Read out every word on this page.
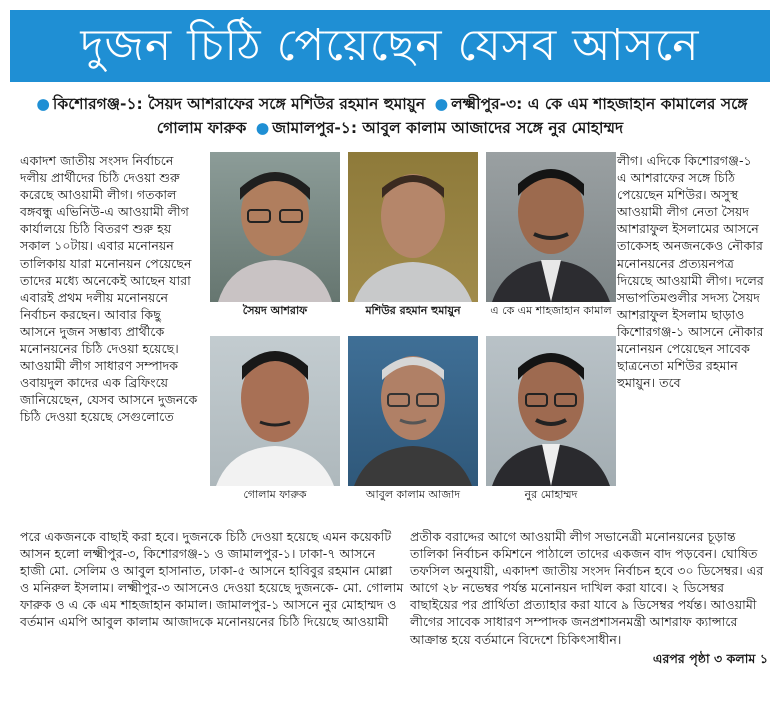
দুজন চিঠি পেয়েছেন যেসব আসনে
● কিশোরগঞ্জ-১: সৈয়দ আশরাফের সঙ্গে মশিউর রহমান হুমায়ুন ● লক্ষ্মীপুর-৩: এ কে এম শাহজাহান কামালের সঙ্গে গোলাম ফারুক ● জামালপুর-১: আবুল কালাম আজাদের সঙ্গে নুর মোহাম্মদ
একাদশ জাতীয় সংসদ নির্বাচনে দলীয় প্রার্থীদের চিঠি দেওয়া শুরু করেছে আওয়ামী লীগ। গতকাল বঙ্গবন্ধু এভিনিউ-এ আওয়ামী লীগ কার্যালয়ে চিঠি বিতরণ শুরু হয় সকাল ১০টায়। এবার মনোনয়ন তালিকায় যারা মনোনয়ন পেয়েছেন তাদের মধ্যে অনেকেই আছেন যারা এবারই প্রথম দলীয় মনোনয়নে নির্বাচন করছেন। আবার কিছু আসনে দুজন সম্ভাব্য প্রার্থীকে মনোনয়নের চিঠি দেওয়া হয়েছে। আওয়ামী লীগ সাধারণ সম্পাদক ওবায়দুল কাদের এক ব্রিফিংয়ে জানিয়েছেন, যেসব আসনে দুজনকে চিঠি দেওয়া হয়েছে সেগুলোতে
সৈয়দ আশরাফ	মশিউর রহমান হুমায়ুন	এ কে এম শাহজাহান কামাল
গোলাম ফারুক	আবুল কালাম আজাদ	নুর মোহাম্মদ
লীগ। এদিকে কিশোরগঞ্জ-১ এ আশরাফের সঙ্গে চিঠি পেয়েছেন মশিউর। অসুস্থ আওয়ামী লীগ নেতা সৈয়দ আশরাফুল ইসলামের আসনে তাকেসহ অনজনকেও নৌকার মনোনয়নের প্রত্যয়নপত্র দিয়েছে আওয়ামী লীগ। দলের সভাপতিমণ্ডলীর সদস্য সৈয়দ আশরাফুল ইসলাম ছাড়াও কিশোরগঞ্জ-১ আসনে নৌকার মনোনয়ন পেয়েছেন সাবেক ছাত্রনেতা মশিউর রহমান হুমায়ুন। তবে
পরে একজনকে বাছাই করা হবে। দুজনকে চিঠি দেওয়া হয়েছে এমন কয়েকটি আসন হলো লক্ষ্মীপুর-৩, কিশোরগঞ্জ-১ ও জামালপুর-১। ঢাকা-৭ আসনে হাজী মো. সেলিম ও আবুল হাসানাত, ঢাকা-৫ আসনে হাবিবুর রহমান মোল্লা ও মনিরুল ইসলাম। লক্ষ্মীপুর-৩ আসনেও দেওয়া হয়েছে দুজনকে- মো. গোলাম ফারুক ও এ কে এম শাহজাহান কামাল। জামালপুর-১ আসনে নুর মোহাম্মদ ও বর্তমান এমপি আবুল কালাম আজাদকে মনোনয়নের চিঠি দিয়েছে আওয়ামী
প্রতীক বরাদ্দের আগে আওয়ামী লীগ সভানেত্রী মনোনয়নের চূড়ান্ত তালিকা নির্বাচন কমিশনে পাঠালে তাদের একজন বাদ পড়বেন। ঘোষিত তফসিল অনুযায়ী, একাদশ জাতীয় সংসদ নির্বাচন হবে ৩০ ডিসেম্বর। এর আগে ২৮ নভেম্বর পর্যন্ত মনোনয়ন দাখিল করা যাবে। ২ ডিসেম্বর বাছাইয়ের পর প্রার্থিতা প্রত্যাহার করা যাবে ৯ ডিসেম্বর পর্যন্ত। আওয়ামী লীগের সাবেক সাধারণ সম্পাদক জনপ্রশাসনমন্ত্রী আশরাফ ক্যান্সারে আক্রান্ত হয়ে বর্তমানে বিদেশে চিকিৎসাধীন।
এরপর পৃষ্ঠা ৩ কলাম ১
